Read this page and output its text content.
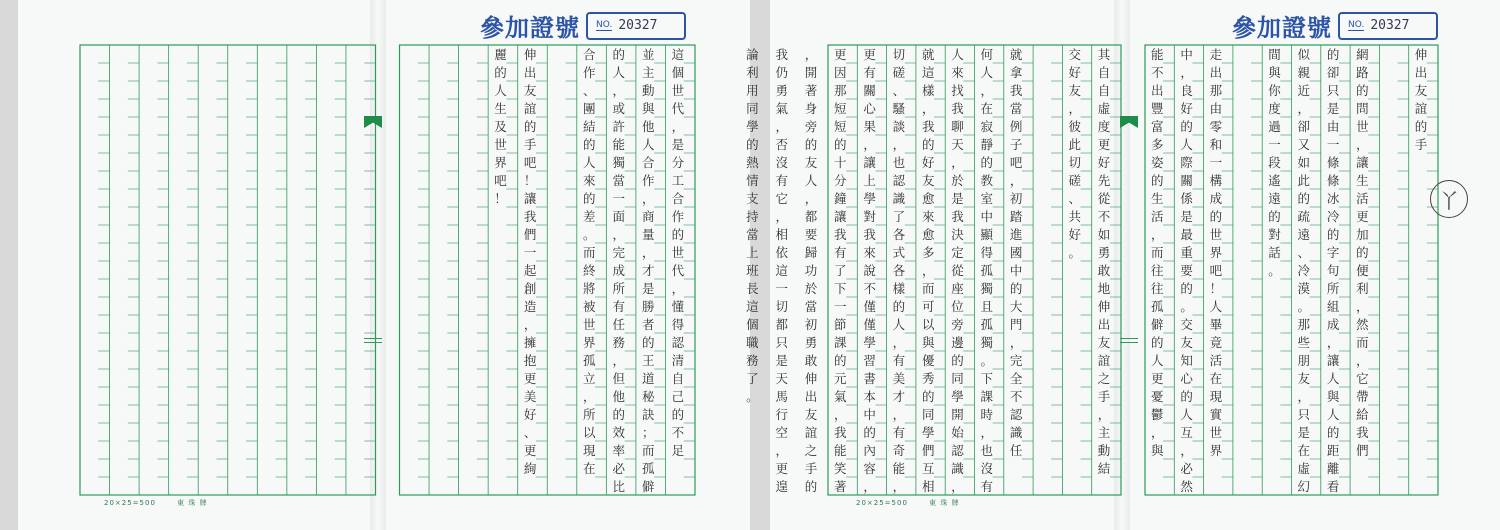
參加證號 NO. 20327
這
個
世
代
，
是
分
工
合
作
的
世
代
，
懂
得
認
清
自
己
的
不
足
並
主
動
與
他
人
合
作
，
商
量
，
才
是
勝
者
的
王
道
秘
訣
；
而
孤
僻
的
人
，
或
許
能
獨
當
一
面
，
完
成
所
有
任
務
，
但
他
的
效
率
必
比
合
作
、
團
結
的
人
來
的
差
。
而
終
將
被
世
界
孤
立
，
所
以
現
在
伸
出
友
誼
的
手
吧
！
讓
我
們
一
起
創
造
，
擁
抱
更
美
好
、
更
絢
麗
的
人
生
及
世
界
吧
！
20×25=500	東 珠 牌
參加證號 NO. 20327
伸
出
友
誼
的
手
網
路
的
問
世
，
讓
生
活
更
加
的
便
利
，
然
而
，
它
帶
給
我
們
的
卻
只
是
由
一
條
條
冰
冷
的
字
句
所
組
成
，
讓
人
與
人
的
距
離
看
似
親
近
，
卻
又
如
此
的
疏
遠
、
冷
漠
。
那
些
朋
友
，
只
是
在
虛
幻
間
與
你
度
過
一
段
遙
遠
的
對
話
。
走
出
那
由
零
和
一
構
成
的
世
界
吧
！
人
畢
竟
活
在
現
實
世
界
中
，
良
好
的
人
際
關
係
是
最
重
要
的
。
交
友
知
心
的
人
互
，
必
然
能
不
出
豐
富
多
姿
的
生
活
，
而
往
往
孤
僻
的
人
更
憂
鬱
，
與
其
自
自
虛
度
更
好
先
從
不
如
勇
敢
地
伸
出
友
誼
之
手
，
主
動
結
交
好
友
，
彼
此
切
磋
、
共
好
。
就
拿
我
當
例
子
吧
，
初
踏
進
國
中
的
大
門
，
完
全
不
認
識
任
何
人
，
在
寂
靜
的
教
室
中
顯
得
孤
獨
且
孤
獨
。
下
課
時
，
也
沒
有
人
來
找
我
聊
天
，
於
是
我
決
定
從
座
位
旁
邊
的
同
學
開
始
認
識
，
就
這
樣
，
我
的
好
友
愈
來
愈
多
，
而
可
以
與
優
秀
的
同
學
們
互
相
切
磋
、
騷
談
，
也
認
識
了
各
式
各
樣
的
人
，
有
美
才
，
有
奇
能
，
更
有
關
心
果
，
讓
上
學
對
我
來
說
不
僅
僅
學
習
書
本
中
的
內
容
，
更
因
那
短
短
的
十
分
鐘
讓
我
有
了
下
一
節
課
的
元
氣
，
我
能
笑
著
，
開
著
身
旁
的
友
人
，
都
要
歸
功
於
當
初
勇
敢
伸
出
友
誼
之
手
的
我
仍
勇
氣
，
否
沒
有
它
，
相
依
這
一
切
都
只
是
天
馬
行
空
，
更
遑
論
利
用
同
學
的
熱
情
支
持
當
上
班
長
這
個
職
務
了
。
丫
20×25=500	東 珠 牌
